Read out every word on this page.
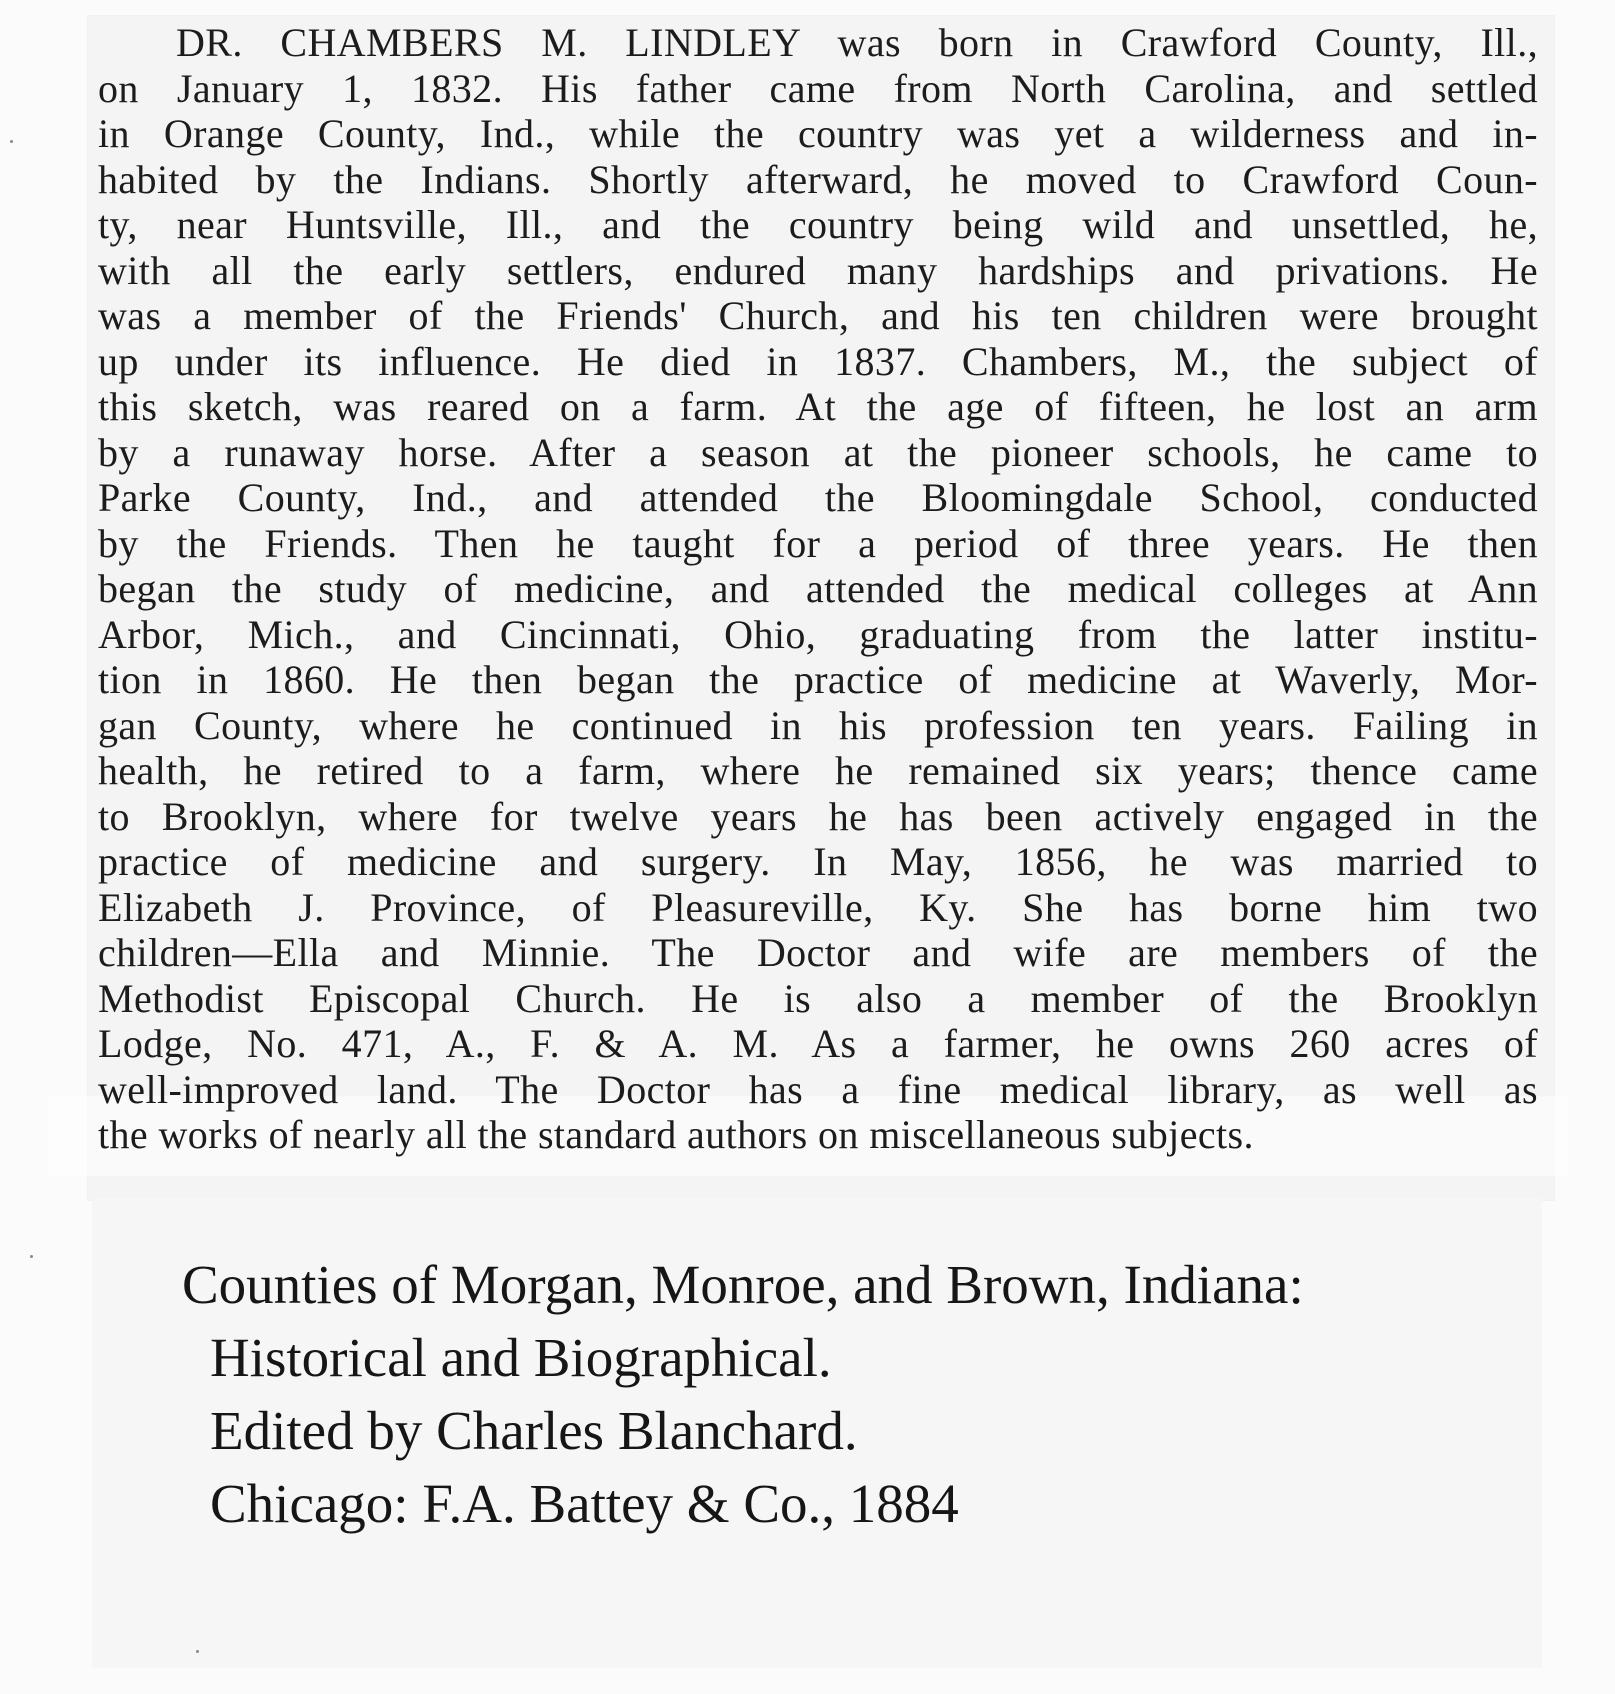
DR. CHAMBERS M. LINDLEY was born in Crawford County, Ill.,
on January 1, 1832. His father came from North Carolina, and settled
in Orange County, Ind., while the country was yet a wilderness and in-
habited by the Indians. Shortly afterward, he moved to Crawford Coun-
ty, near Huntsville, Ill., and the country being wild and unsettled, he,
with all the early settlers, endured many hardships and privations. He
was a member of the Friends' Church, and his ten children were brought
up under its influence. He died in 1837. Chambers, M., the subject of
this sketch, was reared on a farm. At the age of fifteen, he lost an arm
by a runaway horse. After a season at the pioneer schools, he came to
Parke County, Ind., and attended the Bloomingdale School, conducted
by the Friends. Then he taught for a period of three years. He then
began the study of medicine, and attended the medical colleges at Ann
Arbor, Mich., and Cincinnati, Ohio, graduating from the latter institu-
tion in 1860. He then began the practice of medicine at Waverly, Mor-
gan County, where he continued in his profession ten years. Failing in
health, he retired to a farm, where he remained six years; thence came
to Brooklyn, where for twelve years he has been actively engaged in the
practice of medicine and surgery. In May, 1856, he was married to
Elizabeth J. Province, of Pleasureville, Ky. She has borne him two
children—Ella and Minnie. The Doctor and wife are members of the
Methodist Episcopal Church. He is also a member of the Brooklyn
Lodge, No. 471, A., F. & A. M. As a farmer, he owns 260 acres of
well-improved land. The Doctor has a fine medical library, as well as
the works of nearly all the standard authors on miscellaneous subjects.
Counties of Morgan, Monroe, and Brown, Indiana:
Historical and Biographical.
Edited by Charles Blanchard.
Chicago: F.A. Battey & Co., 1884
